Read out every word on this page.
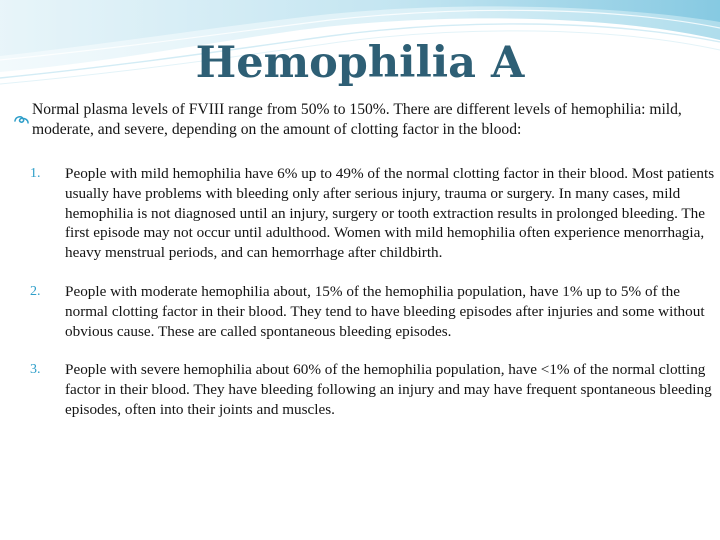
Hemophilia A
Normal plasma levels of FVIII range from 50% to 150%. There are different levels of hemophilia: mild, moderate, and severe, depending on the amount of clotting factor in the blood:
1.	People with mild hemophilia have 6% up to 49% of the normal clotting factor in their blood. Most patients usually have problems with bleeding only after serious injury, trauma or surgery. In many cases, mild hemophilia is not diagnosed until an injury, surgery or tooth extraction results in prolonged bleeding. The first episode may not occur until adulthood. Women with mild hemophilia often experience menorrhagia, heavy menstrual periods, and can hemorrhage after childbirth.
2.	People with moderate hemophilia about, 15% of the hemophilia population, have 1% up to 5% of the normal clotting factor in their blood. They tend to have bleeding episodes after injuries and some without obvious cause. These are called spontaneous bleeding episodes.
3.	People with severe hemophilia about 60% of the hemophilia population, have <1% of the normal clotting factor in their blood. They have bleeding following an injury and may have frequent spontaneous bleeding episodes, often into their joints and muscles.
